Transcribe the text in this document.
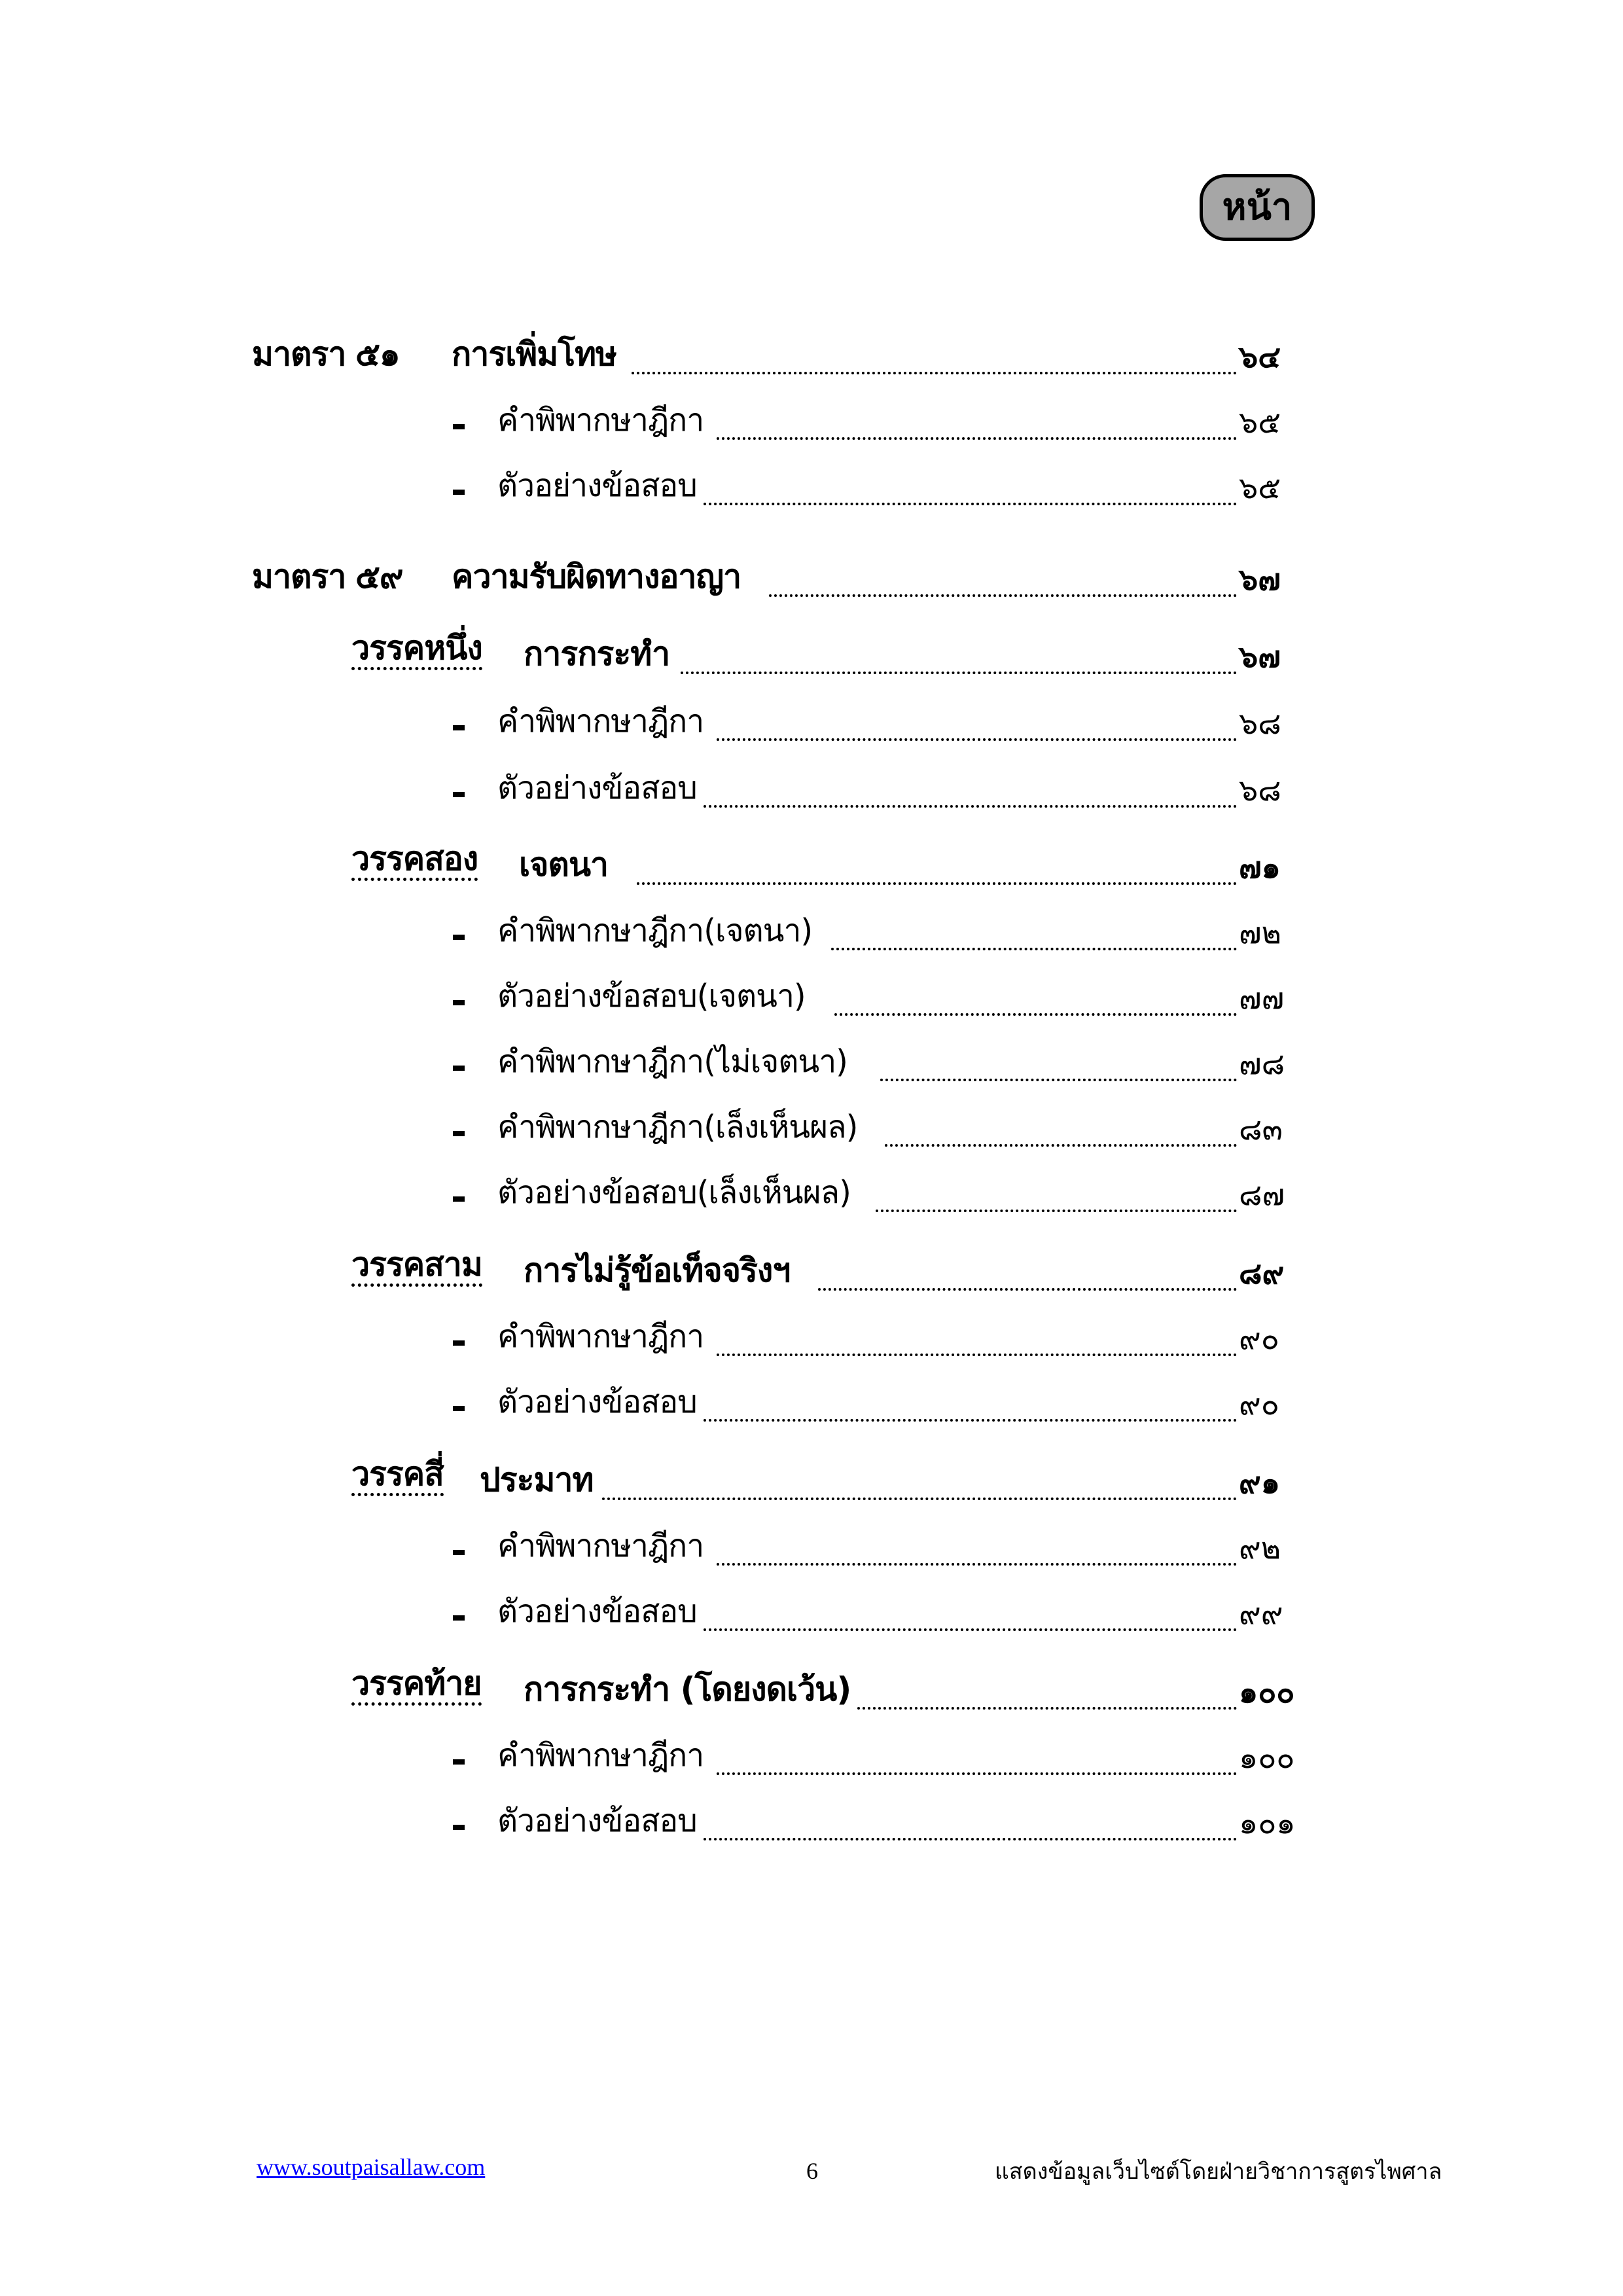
หน้า
มาตรา ๕๑ การเพิ่มโทษ	๖๔
คำพิพากษาฎีกา	๖๕
ตัวอย่างข้อสอบ	๖๕
มาตรา ๕๙ ความรับผิดทางอาญา	๖๗
วรรคหนึ่ง การกระทำ	๖๗
คำพิพากษาฎีกา	๖๘
ตัวอย่างข้อสอบ	๖๘
วรรคสอง เจตนา	๗๑
คำพิพากษาฎีกา(เจตนา)	๗๒
ตัวอย่างข้อสอบ(เจตนา)	๗๗
คำพิพากษาฎีกา(ไม่เจตนา)	๗๘
คำพิพากษาฎีกา(เล็งเห็นผล)	๘๓
ตัวอย่างข้อสอบ(เล็งเห็นผล)	๘๗
วรรคสาม การไม่รู้ข้อเท็จจริงฯ	๘๙
คำพิพากษาฎีกา	๙๐
ตัวอย่างข้อสอบ	๙๐
วรรคสี่ ประมาท	๙๑
คำพิพากษาฎีกา	๙๒
ตัวอย่างข้อสอบ	๙๙
วรรคท้าย การกระทำ (โดยงดเว้น)	๑๐๐
คำพิพากษาฎีกา	๑๐๐
ตัวอย่างข้อสอบ	๑๐๑
www.soutpaisallaw.com	6	แสดงข้อมูลเว็บไซต์โดยฝ่ายวิชาการสูตรไพศาล
